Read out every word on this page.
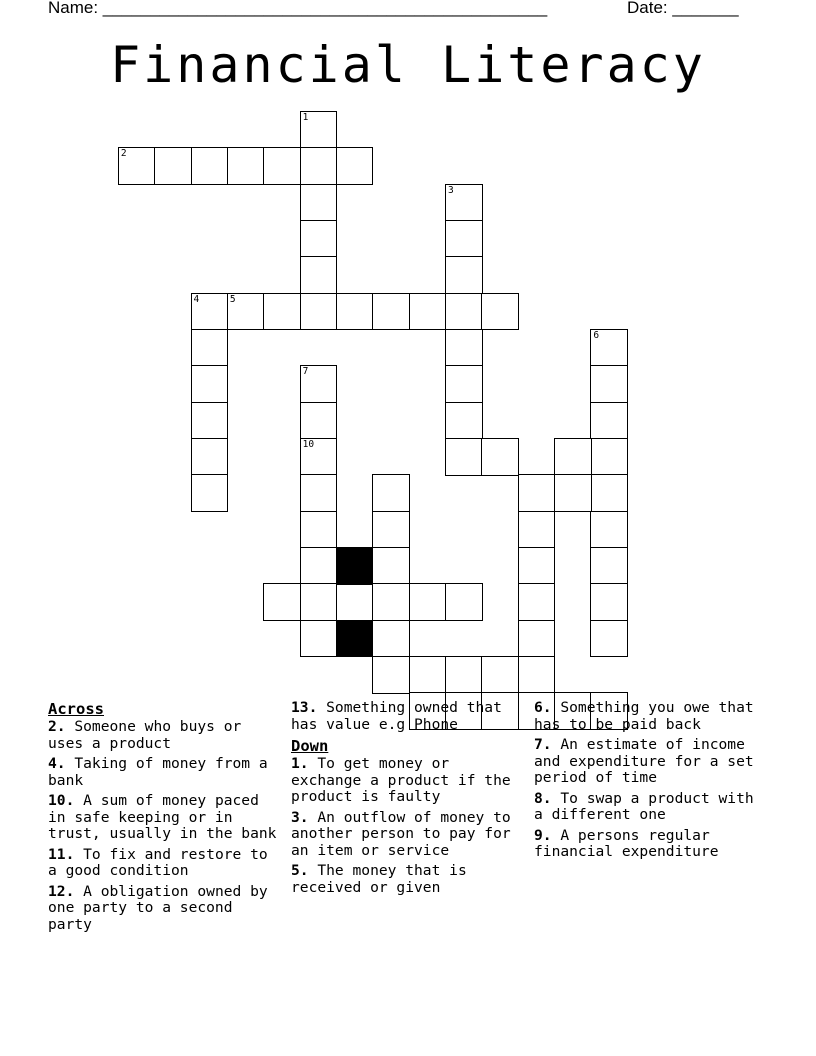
Name: _______________________________________________	Date: _______
Financial Literacy
1
7
10
2
3
4	5
6
Across
2. Someone who buys or uses a product
4. Taking of money from a bank
10. A sum of money paced in safe keeping or in trust, usually in the bank
11. To fix and restore to a good condition
12. A obligation owned by one party to a second party
13. Something owned that has value e.g Phone
Down
1. To get money or exchange a product if the product is faulty
3. An outflow of money to another person to pay for an item or service
5. The money that is received or given
6. Something you owe that has to be paid back
7. An estimate of income and expenditure for a set period of time
8. To swap a product with a different one
9. A persons regular financial expenditure
